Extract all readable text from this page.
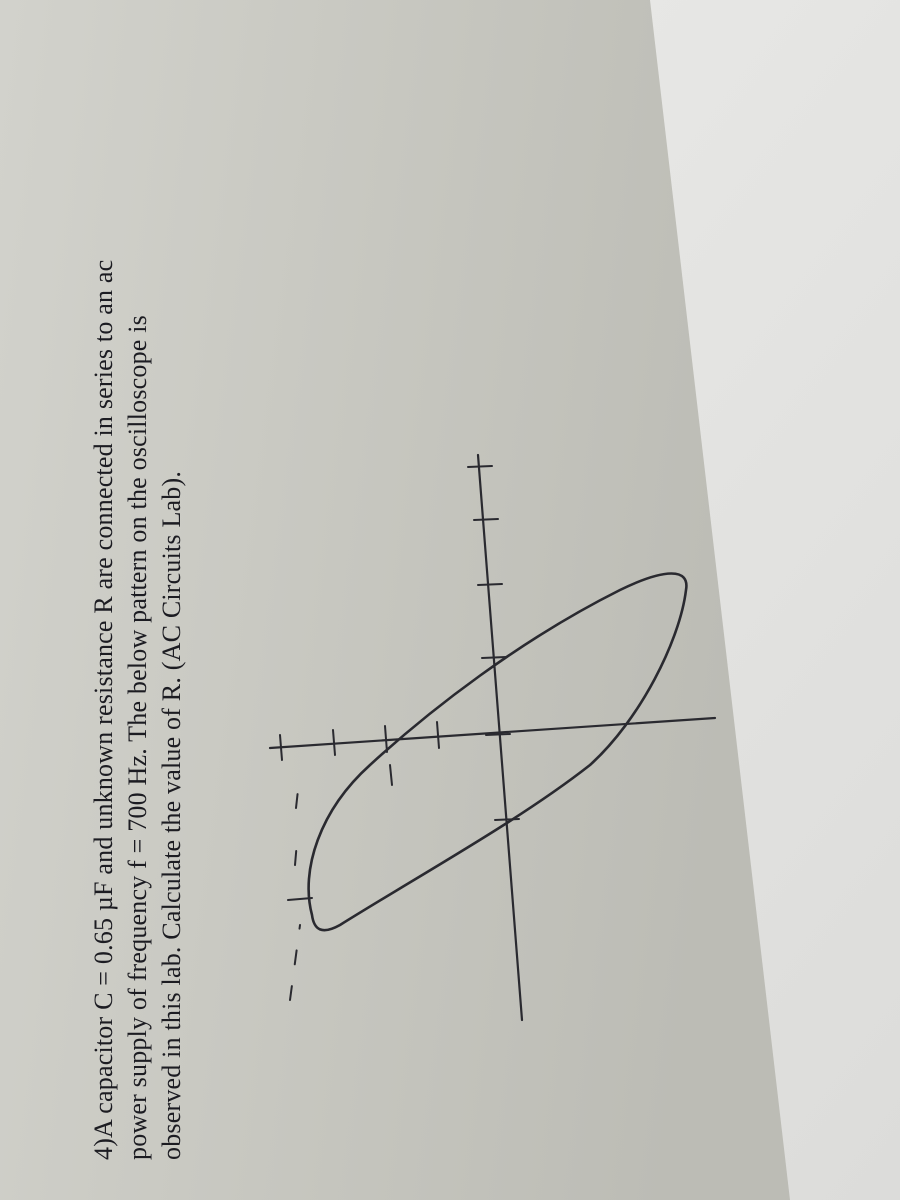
4)A capacitor C = 0.65 µF and unknown resistance R are connected in series to an ac power supply of frequency f = 700 Hz. The below pattern on the oscilloscope is observed in this lab. Calculate the value of R. (AC Circuits Lab).
